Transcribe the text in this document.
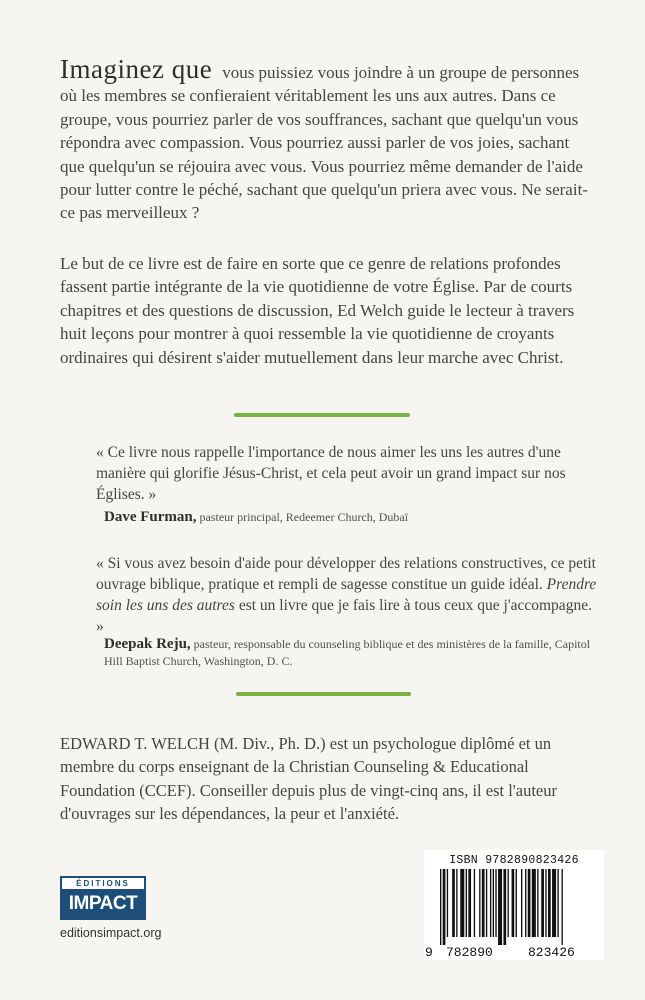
Imaginez que vous puissiez vous joindre à un groupe de personnes où les membres se confieraient véritablement les uns aux autres. Dans ce groupe, vous pourriez parler de vos souffrances, sachant que quelqu'un vous répondra avec compassion. Vous pourriez aussi parler de vos joies, sachant que quelqu'un se réjouira avec vous. Vous pourriez même demander de l'aide pour lutter contre le péché, sachant que quelqu'un priera avec vous. Ne serait-ce pas merveilleux ?

Le but de ce livre est de faire en sorte que ce genre de relations profondes fassent partie intégrante de la vie quotidienne de votre Église. Par de courts chapitres et des questions de discussion, Ed Welch guide le lecteur à travers huit leçons pour montrer à quoi ressemble la vie quotidienne de croyants ordinaires qui désirent s'aider mutuellement dans leur marche avec Christ.

« Ce livre nous rappelle l'importance de nous aimer les uns les autres d'une manière qui glorifie Jésus-Christ, et cela peut avoir un grand impact sur nos Églises. »

Dave Furman, pasteur principal, Redeemer Church, Dubaï

« Si vous avez besoin d'aide pour développer des relations constructives, ce petit ouvrage biblique, pratique et rempli de sagesse constitue un guide idéal. Prendre soin les uns des autres est un livre que je fais lire à tous ceux que j'accompagne. »

Deepak Reju, pasteur, responsable du counseling biblique et des ministères de la famille, Capitol Hill Baptist Church, Washington, D. C.

EDWARD T. WELCH (M. Div., Ph. D.) est un psychologue diplômé et un membre du corps enseignant de la Christian Counseling & Educational Foundation (CCEF). Conseiller depuis plus de vingt-cinq ans, il est l'auteur d'ouvrages sur les dépendances, la peur et l'anxiété.

ÉDITIONS
IMPACT
editionsimpact.org
ISBN 9782890823426
9 782890	823426
